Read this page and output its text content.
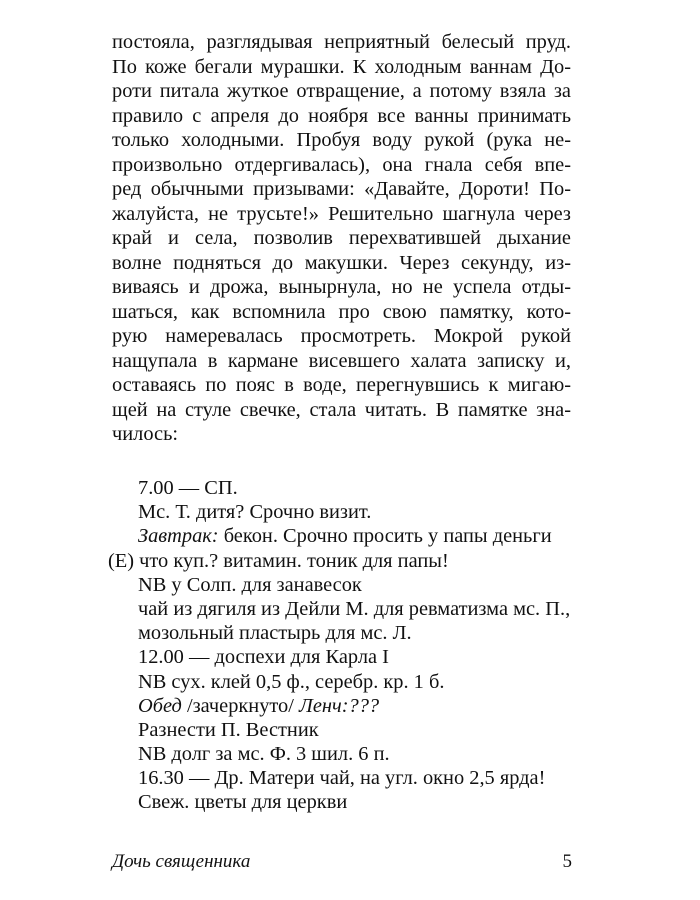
постояла, разглядывая неприятный белесый пруд.
По коже бегали мурашки. К холодным ваннам До-
роти питала жуткое отвращение, а потому взяла за
правило с апреля до ноября все ванны принимать
только холодными. Пробуя воду рукой (рука не-
произвольно отдергивалась), она гнала себя впе-
ред обычными призывами: «Давайте, Дороти! По-
жалуйста, не трусьте!» Решительно шагнула через
край и села, позволив перехватившей дыхание
волне подняться до макушки. Через секунду, из-
виваясь и дрожа, вынырнула, но не успела отды-
шаться, как вспомнила про свою памятку, кото-
рую намеревалась просмотреть. Мокрой рукой
нащупала в кармане висевшего халата записку и,
оставаясь по пояс в воде, перегнувшись к мигаю-
щей на стуле свечке, стала читать. В памятке зна-
чилось:
7.00 — СП.
Мс. Т. дитя? Срочно визит.
Завтрак: бекон. Срочно просить у папы деньги
(Е) что куп.? витамин. тоник для папы!
NB у Солп. для занавесок
чай из дягиля из Дейли М. для ревматизма мс. П.,
мозольный пластырь для мс. Л.
12.00 — доспехи для Карла I
NB сух. клей 0,5 ф., серебр. кр. 1 б.
Обед /зачеркнуто/ Ленч:???
Разнести П. Вестник
NB долг за мс. Ф. 3 шил. 6 п.
16.30 — Др. Матери чай, на угл. окно 2,5 ярда!
Свеж. цветы для церкви
Дочь священника	5
